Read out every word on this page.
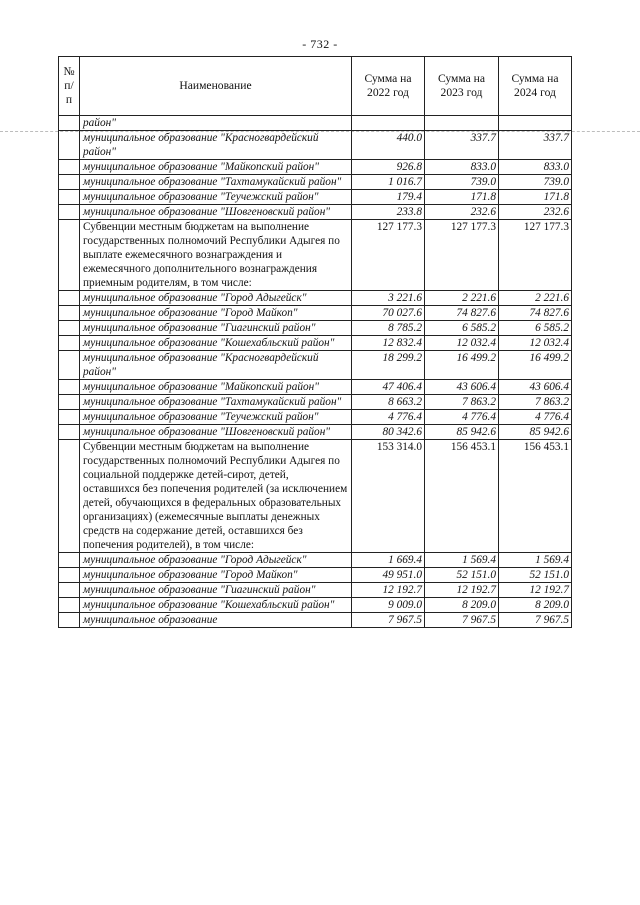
- 732 -
№ п/п	Наименование	Сумма на 2022 год	Сумма на 2023 год	Сумма на 2024 год
	район"			
	муниципальное образование "Красногвардейский район"	440.0	337.7	337.7
	муниципальное образование "Майкопский район"	926.8	833.0	833.0
	муниципальное образование "Тахтамукайский район"	1 016.7	739.0	739.0
	муниципальное образование "Теучежский район"	179.4	171.8	171.8
	муниципальное образование "Шовгеновский район"	233.8	232.6	232.6
	Субвенции местным бюджетам на выполнение государственных полномочий Республики Адыгея по выплате ежемесячного вознаграждения и ежемесячного дополнительного вознаграждения приемным родителям, в том числе:	127 177.3	127 177.3	127 177.3
	муниципальное образование "Город Адыгейск"	3 221.6	2 221.6	2 221.6
	муниципальное образование "Город Майкоп"	70 027.6	74 827.6	74 827.6
	муниципальное образование "Гиагинский район"	8 785.2	6 585.2	6 585.2
	муниципальное образование "Кошехабльский район"	12 832.4	12 032.4	12 032.4
	муниципальное образование "Красногвардейский район"	18 299.2	16 499.2	16 499.2
	муниципальное образование "Майкопский район"	47 406.4	43 606.4	43 606.4
	муниципальное образование "Тахтамукайский район"	8 663.2	7 863.2	7 863.2
	муниципальное образование "Теучежский район"	4 776.4	4 776.4	4 776.4
	муниципальное образование "Шовгеновский район"	80 342.6	85 942.6	85 942.6
	Субвенции местным бюджетам на выполнение государственных полномочий Республики Адыгея по социальной поддержке детей-сирот, детей, оставшихся без попечения родителей (за исключением детей, обучающихся в федеральных образовательных организациях) (ежемесячные выплаты денежных средств на содержание детей, оставшихся без попечения родителей), в том числе:	153 314.0	156 453.1	156 453.1
	муниципальное образование "Город Адыгейск"	1 669.4	1 569.4	1 569.4
	муниципальное образование "Город Майкоп"	49 951.0	52 151.0	52 151.0
	муниципальное образование "Гиагинский район"	12 192.7	12 192.7	12 192.7
	муниципальное образование "Кошехабльский район"	9 009.0	8 209.0	8 209.0
	муниципальное образование	7 967.5	7 967.5	7 967.5
